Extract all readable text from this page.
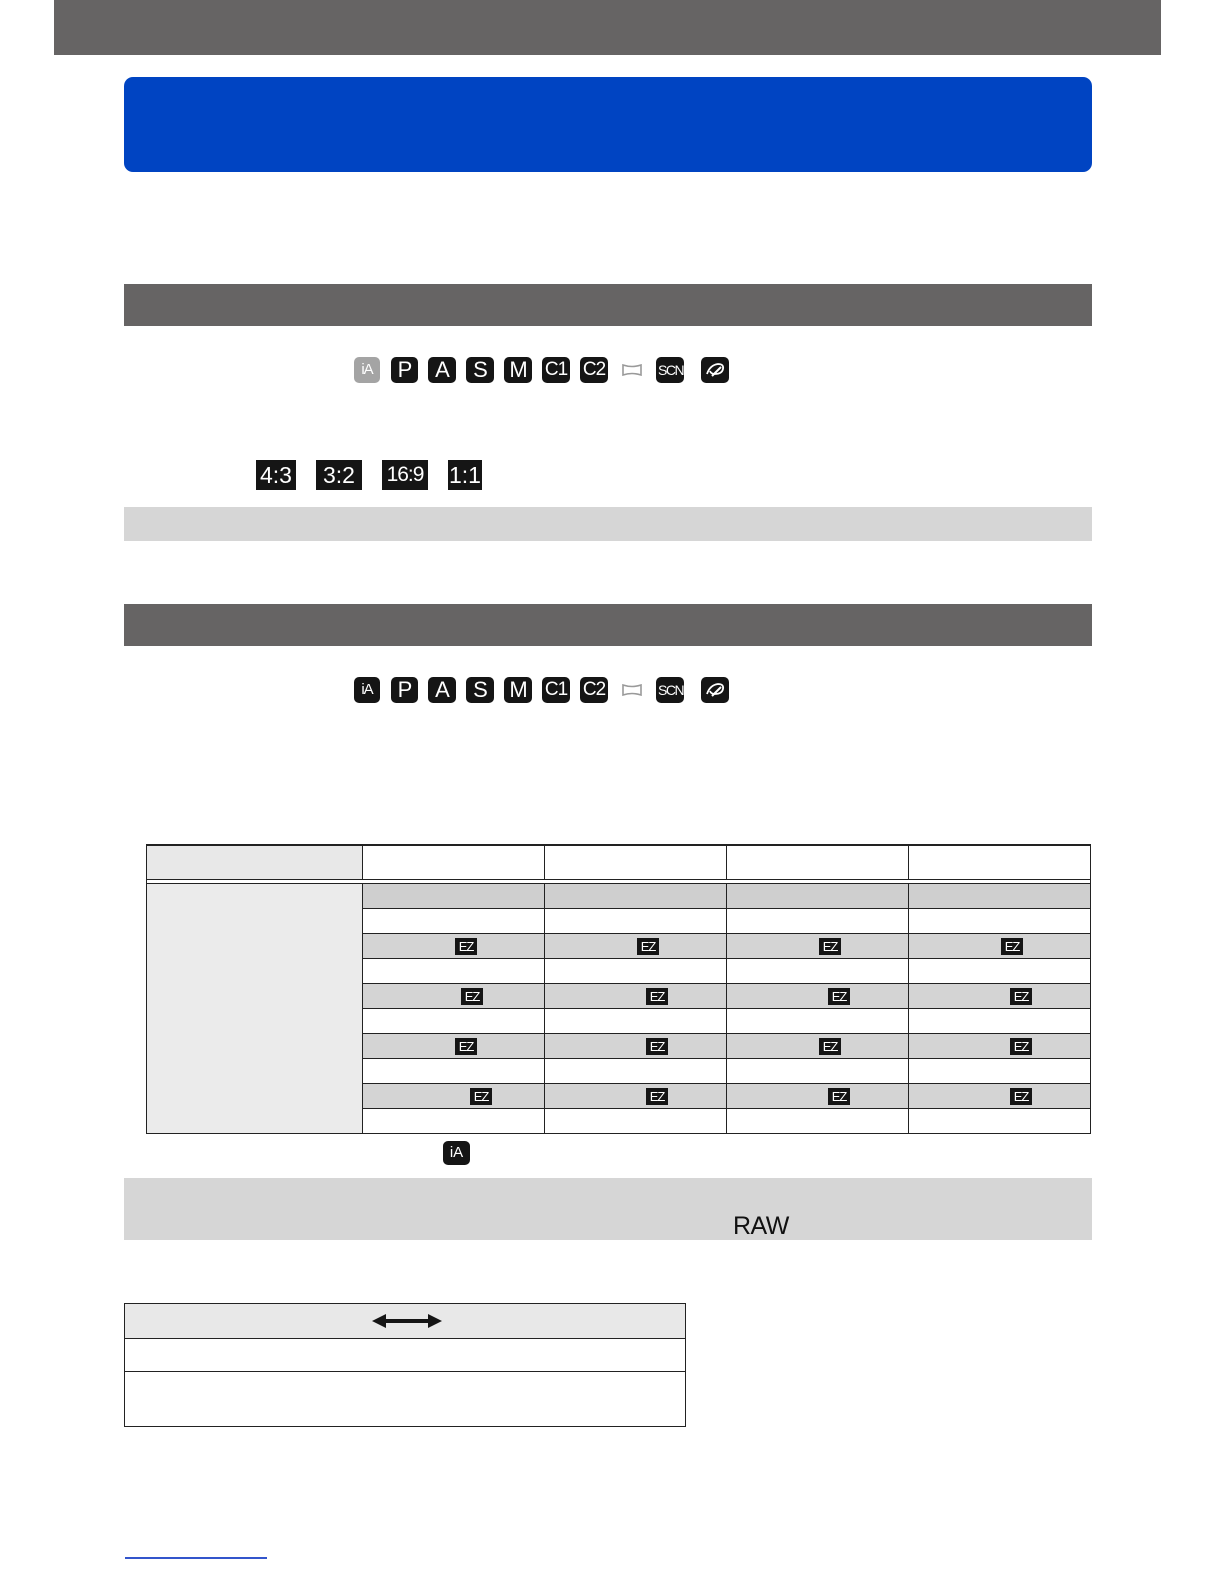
iA	P	A	S	M C1 C2	SCN
4:3	3:2	16:9 1:1
iA	P	A	S	M C1 C2	SCN

	EZ	EZ	EZ	EZ

	EZ	EZ	EZ	EZ

	EZ	EZ	EZ	EZ

	EZ	EZ	EZ	EZ

iA
RAW
